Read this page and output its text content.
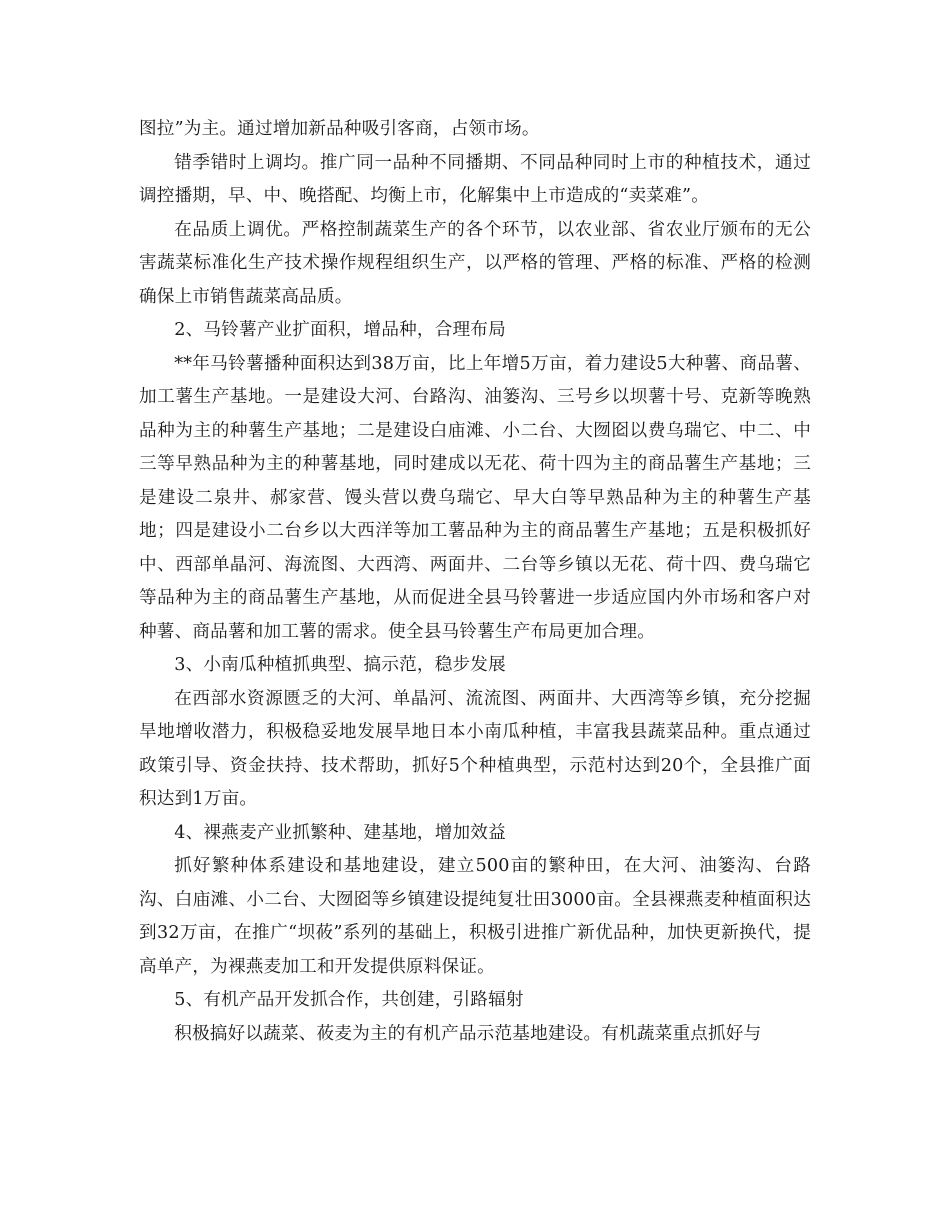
图拉”为主。通过增加新品种吸引客商，占领市场。

错季错时上调均。推广同一品种不同播期、不同品种同时上市的种植技术，通过调控播期，早、中、晚搭配、均衡上市，化解集中上市造成的“卖菜难”。

在品质上调优。严格控制蔬菜生产的各个环节，以农业部、省农业厅颁布的无公害蔬菜标准化生产技术操作规程组织生产，以严格的管理、严格的标准、严格的检测确保上市销售蔬菜高品质。

2、马铃薯产业扩面积，增品种，合理布局

**年马铃薯播种面积达到38万亩，比上年增5万亩，着力建设5大种薯、商品薯、加工薯生产基地。一是建设大河、台路沟、油篓沟、三号乡以坝薯十号、克新等晚熟品种为主的种薯生产基地；二是建设白庙滩、小二台、大囫囵以费乌瑞它、中二、中三等早熟品种为主的种薯基地，同时建成以无花、荷十四为主的商品薯生产基地；三是建设二泉井、郝家营、馒头营以费乌瑞它、早大白等早熟品种为主的种薯生产基地；四是建设小二台乡以大西洋等加工薯品种为主的商品薯生产基地；五是积极抓好中、西部单晶河、海流图、大西湾、两面井、二台等乡镇以无花、荷十四、费乌瑞它等品种为主的商品薯生产基地，从而促进全县马铃薯进一步适应国内外市场和客户对种薯、商品薯和加工薯的需求。使全县马铃薯生产布局更加合理。

3、小南瓜种植抓典型、搞示范，稳步发展

在西部水资源匮乏的大河、单晶河、流流图、两面井、大西湾等乡镇，充分挖掘旱地增收潜力，积极稳妥地发展旱地日本小南瓜种植，丰富我县蔬菜品种。重点通过政策引导、资金扶持、技术帮助，抓好5个种植典型，示范村达到20个，全县推广面积达到1万亩。

4、裸燕麦产业抓繁种、建基地，增加效益

抓好繁种体系建设和基地建设，建立500亩的繁种田，在大河、油篓沟、台路沟、白庙滩、小二台、大囫囵等乡镇建设提纯复壮田3000亩。全县裸燕麦种植面积达到32万亩，在推广“坝莜”系列的基础上，积极引进推广新优品种，加快更新换代，提高单产，为裸燕麦加工和开发提供原料保证。

5、有机产品开发抓合作，共创建，引路辐射

积极搞好以蔬菜、莜麦为主的有机产品示范基地建设。有机蔬菜重点抓好与
